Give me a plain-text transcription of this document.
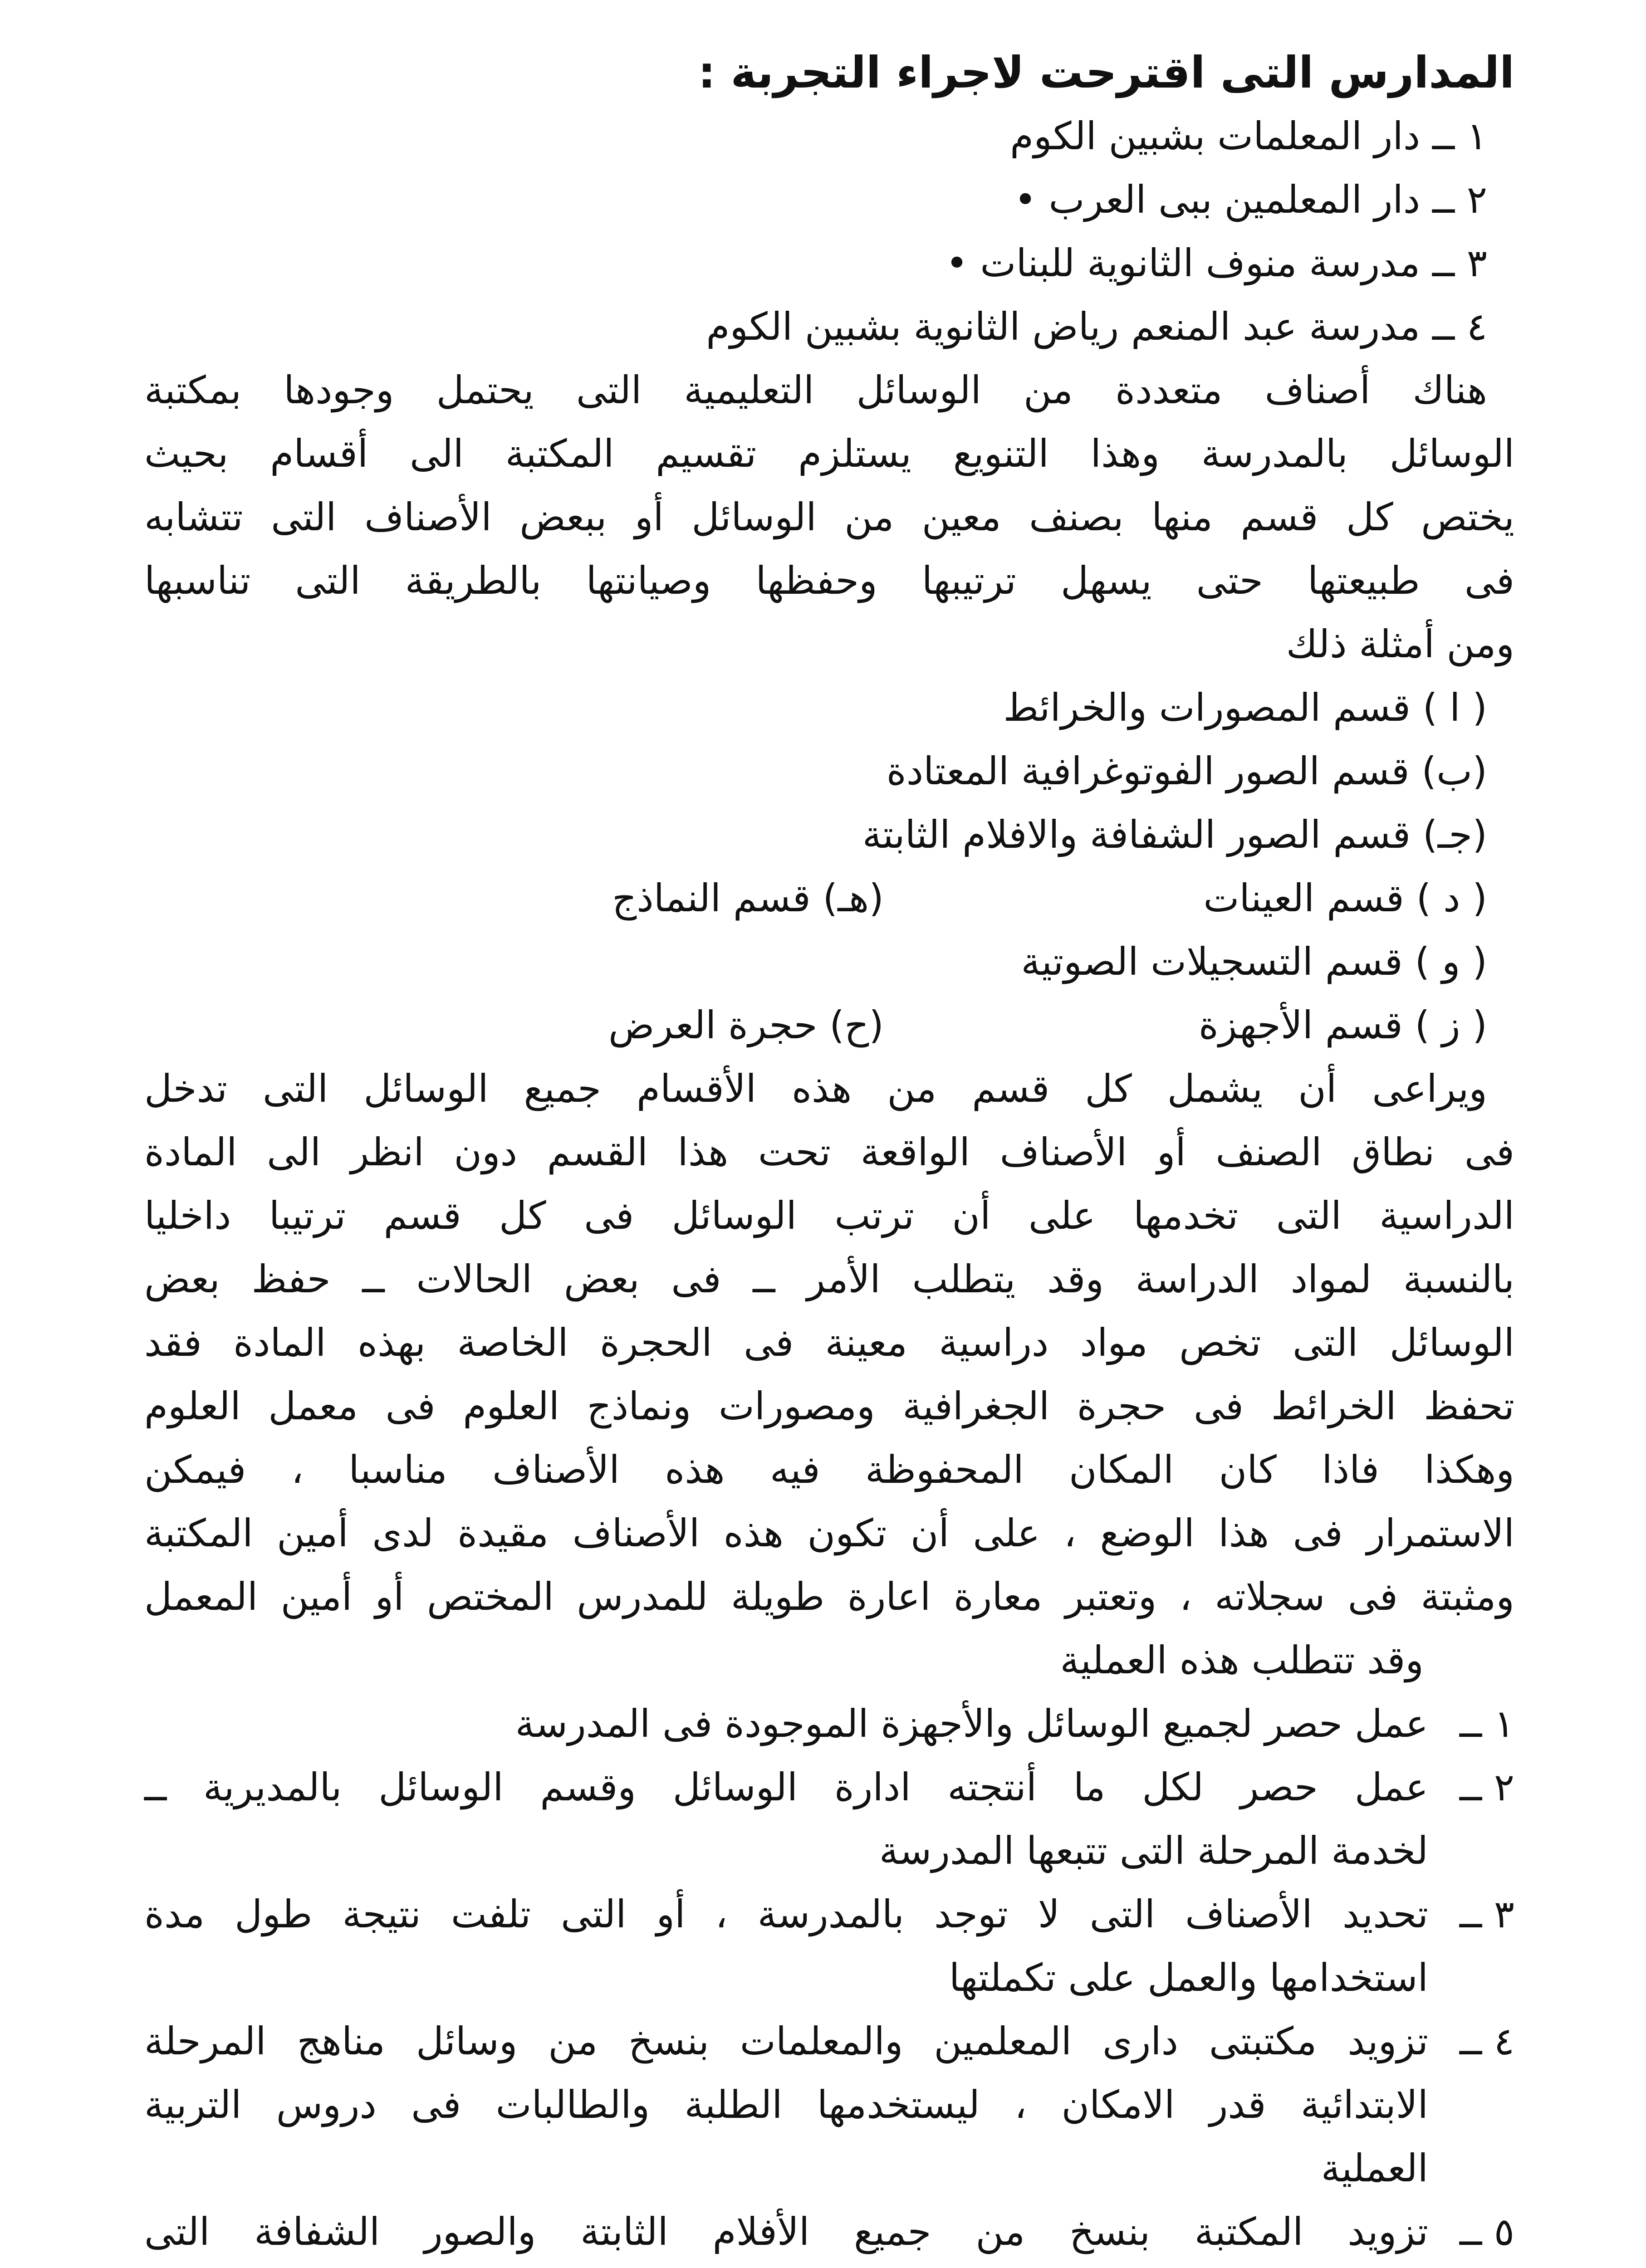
المدارس التى اقترحت لاجراء التجربة :

١ ــ دار المعلمات بشبين الكوم

٢ ــ دار المعلمين ببى العرب •

٣ ــ مدرسة منوف الثانوية للبنات •

٤ ــ مدرسة عبد المنعم رياض الثانوية بشبين الكوم

هناك أصناف متعددة من الوسائل التعليمية التى يحتمل وجودها بمكتبة

الوسائل بالمدرسة وهذا التنويع يستلزم تقسيم المكتبة الى أقسام بحيث

يختص كل قسم منها بصنف معين من الوسائل أو ببعض الأصناف التى تتشابه

فى طبيعتها حتى يسهل ترتيبها وحفظها وصيانتها بالطريقة التى تناسبها

ومن أمثلة ذلك

( ا ) قسم المصورات والخرائط

(ب) قسم الصور الفوتوغرافية المعتادة

(جـ) قسم الصور الشفافة والافلام الثابتة

( د ) قسم العينات
(هـ) قسم النماذج

( و ) قسم التسجيلات الصوتية

( ز ) قسم الأجهزة
(ح) حجرة العرض

ويراعى أن يشمل كل قسم من هذه الأقسام جميع الوسائل التى تدخل

فى نطاق الصنف أو الأصناف الواقعة تحت هذا القسم دون انظر الى المادة

الدراسية التى تخدمها على أن ترتب الوسائل فى كل قسم ترتيبا داخليا

بالنسبة لمواد الدراسة وقد يتطلب الأمر ــ فى بعض الحالات ــ حفظ بعض

الوسائل التى تخص مواد دراسية معينة فى الحجرة الخاصة بهذه المادة فقد

تحفظ الخرائط فى حجرة الجغرافية ومصورات ونماذج العلوم فى معمل العلوم

وهكذا فاذا كان المكان المحفوظة فيه هذه الأصناف مناسبا ، فيمكن

الاستمرار فى هذا الوضع ، على أن تكون هذه الأصناف مقيدة لدى أمين المكتبة

ومثبتة فى سجلاته ، وتعتبر معارة اعارة طويلة للمدرس المختص أو أمين المعمل

وقد تتطلب هذه العملية

١ ــ
عمل حصر لجميع الوسائل والأجهزة الموجودة فى المدرسة
٢ ــ
عمل حصر لكل ما أنتجته ادارة الوسائل وقسم الوسائل بالمديرية ــ
لخدمة المرحلة التى تتبعها المدرسة
٣ ــ
تحديد الأصناف التى لا توجد بالمدرسة ، أو التى تلفت نتيجة طول مدة
استخدامها والعمل على تكملتها
٤ ــ
تزويد مكتبتى دارى المعلمين والمعلمات بنسخ من وسائل مناهج المرحلة
الابتدائية قدر الامكان ، ليستخدمها الطلبة والطالبات فى دروس التربية
العملية
٥ ــ
تزويد المكتبة بنسخ من جميع الأفلام الثابتة والصور الشفافة التى
